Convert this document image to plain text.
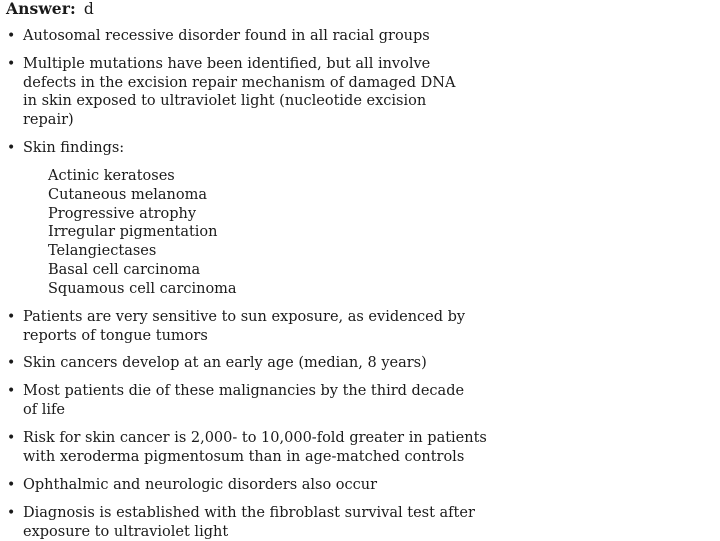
Answer: d
• Autosomal recessive disorder found in all racial groups
• Multiple mutations have been identified, but all involve
defects in the excision repair mechanism of damaged DNA
in skin exposed to ultraviolet light (nucleotide excision
repair)
• Skin findings:
• Patients are very sensitive to sun exposure, as evidenced by
reports of tongue tumors
• Skin cancers develop at an early age (median, 8 years)
• Most patients die of these malignancies by the third decade
of life
• Risk for skin cancer is 2,000- to 10,000-fold greater in patients
with xeroderma pigmentosum than in age-matched controls
• Ophthalmic and neurologic disorders also occur
• Diagnosis is established with the fibroblast survival test after
exposure to ultraviolet light
Actinic keratoses
Cutaneous melanoma
Progressive atrophy
Irregular pigmentation
Telangiectases
Basal cell carcinoma
Squamous cell carcinoma
